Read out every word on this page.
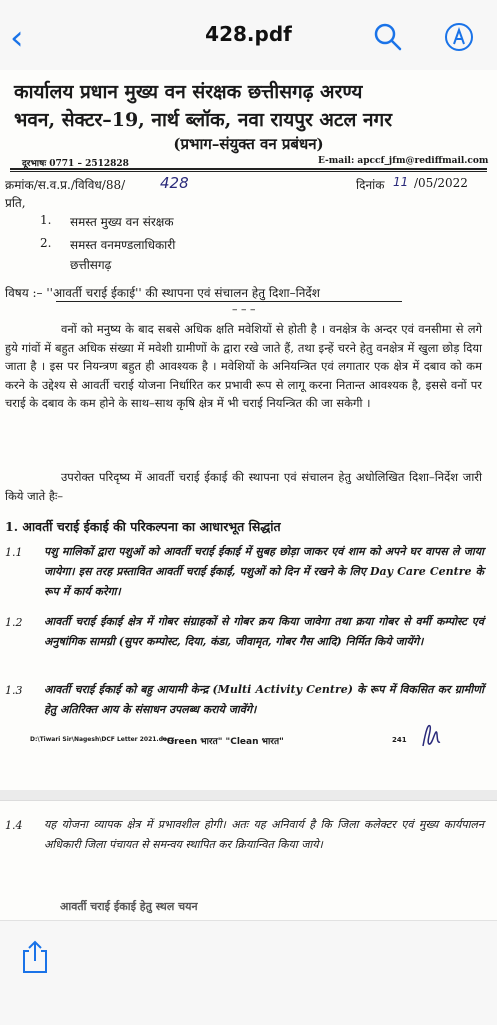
‹	428.pdf
कार्यालय प्रधान मुख्य वन संरक्षक छत्तीसगढ़ अरण्य
भवन, सेक्टर–19, नार्थ ब्लॉक, नवा रायपुर अटल नगर
(प्रभाग–संयुक्त वन प्रबंधन)
दूरभाषः 0771 – 2512828	E-mail: apccf_jfm@rediffmail.com
क्रमांक/स.व.प्र./विविध/88/ 428	दिनांक 11 /05/2022
प्रति,
1. समस्त मुख्य वन संरक्षक
2. समस्त वनमण्डलाधिकारी
छत्तीसगढ़
विषय :– ''आवर्ती चराई ईकाई'' की स्थापना एवं संचालन हेतु दिशा–निर्देश
– – –
वनों को मनुष्य के बाद सबसे अधिक क्षति मवेशियों से होती है । वनक्षेत्र के अन्दर एवं वनसीमा से लगे हुये गांवों में बहुत अधिक संख्या में मवेशी ग्रामीणों के द्वारा रखे जाते हैं, तथा इन्हें चरने हेतु वनक्षेत्र में खुला छोड़ दिया जाता है । इस पर नियन्त्रण बहुत ही आवश्यक है । मवेशियों के अनियन्त्रित एवं लगातार एक क्षेत्र में दबाव को कम करने के उद्देश्य से आवर्ती चराई योजना निर्धारित कर प्रभावी रूप से लागू करना नितान्त आवश्यक है, इससे वनों पर चराई के दबाव के कम होने के साथ–साथ कृषि क्षेत्र में भी चराई नियन्त्रित की जा सकेगी ।
उपरोक्त परिदृष्य में आवर्ती चराई ईकाई की स्थापना एवं संचालन हेतु अधोलिखित दिशा–निर्देश जारी किये जाते हैः–
1. आवर्ती चराई ईकाई की परिकल्पना का आधारभूत सिद्धांत
1.1 पशु मालिकों द्वारा पशुओं को आवर्ती चराई ईकाई में सुबह छोड़ा जाकर एवं शाम को अपने घर वापस ले जाया जायेगा। इस तरह प्रस्तावित आवर्ती चराई ईकाई, पशुओं को दिन में रखने के लिए Day Care Centre के रूप में कार्य करेगा।
1.2 आवर्ती चराई ईकाई क्षेत्र में गोबर संग्राहकों से गोबर क्रय किया जावेगा तथा क्रया गोबर से वर्मी कम्पोस्ट एवं अनुषांगिक सामग्री (सुपर कम्पोस्ट, दिया, कंडा, जीवामृत, गोबर गैस आदि) निर्मित किये जायेंगे।
1.3 आवर्ती चराई ईकाई को बहु आयामी केन्द्र (Multi Activity Centre) के रूप में विकसित कर ग्रामीणों हेतु अतिरिक्त आय के संसाधन उपलब्ध कराये जावेंगे।
D:\Tiwari Sir\Nagesh\DCF Letter 2021.docx
"Green भारत" "Clean भारत"	241
1.4 यह योजना व्यापक क्षेत्र में प्रभावशील होगी। अतः यह अनिवार्य है कि जिला कलेक्टर एवं मुख्य कार्यपालन अधिकारी जिला पंचायत से समन्वय स्थापित कर क्रियान्वित किया जाये।
आवर्ती चराई ईकाई हेतु स्थल चयन
